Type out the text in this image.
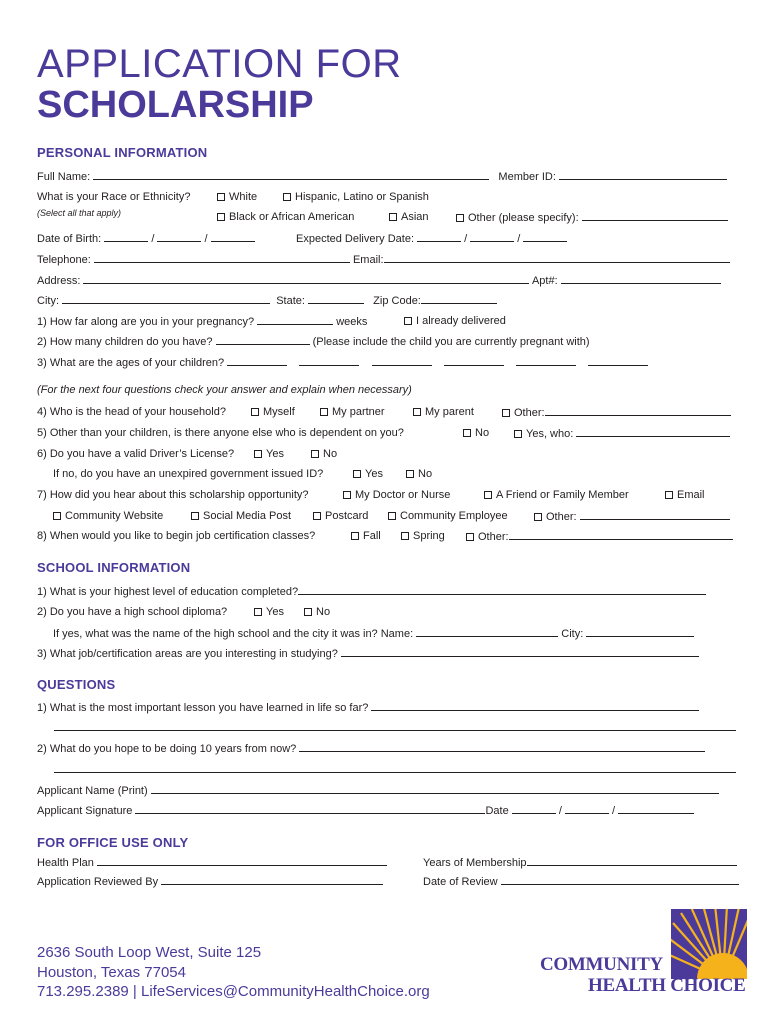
APPLICATION FOR
SCHOLARSHIP
PERSONAL INFORMATION
Full Name:	Member ID:
What is your Race or Ethnicity?
(Select all that apply)
White	Hispanic, Latino or Spanish
Black or African American	Asian	Other (please specify):
Date of Birth:	/	/	Expected Delivery Date:	/	/
Telephone:	Email:
Address:	Apt#:
City:	State:	Zip Code:
1) How far along are you in your pregnancy?	weeks	I already delivered
2) How many children do you have?	(Please include the child you are currently pregnant with)
3) What are the ages of your children?
(For the next four questions check your answer and explain when necessary)
4) Who is the head of your household?	Myself	My partner	My parent	Other:
5) Other than your children, is there anyone else who is dependent on you?	No	Yes, who:
6) Do you have a valid Driver’s License?	Yes	No
If no, do you have an unexpired government issued ID?	Yes	No
7) How did you hear about this scholarship opportunity?	My Doctor or Nurse	A Friend or Family Member	Email
Community Website	Social Media Post	Postcard	Community Employee	Other:
8) When would you like to begin job certification classes?	Fall	Spring	Other:
SCHOOL INFORMATION
1) What is your highest level of education completed?
2) Do you have a high school diploma?	Yes	No
If yes, what was the name of the high school and the city it was in? Name:	City:
3) What job/certification areas are you interesting in studying?
QUESTIONS
1) What is the most important lesson you have learned in life so far?
2) What do you hope to be doing 10 years from now?
Applicant Name (Print)
Applicant Signature	Date	/	/
FOR OFFICE USE ONLY
Health Plan	Years of Membership
Application Reviewed By	Date of Review
2636 South Loop West, Suite 125
Houston, Texas 77054
713.295.2389 | LifeServices@CommunityHealthChoice.org
COMMUNITY
HEALTH CHOICE
